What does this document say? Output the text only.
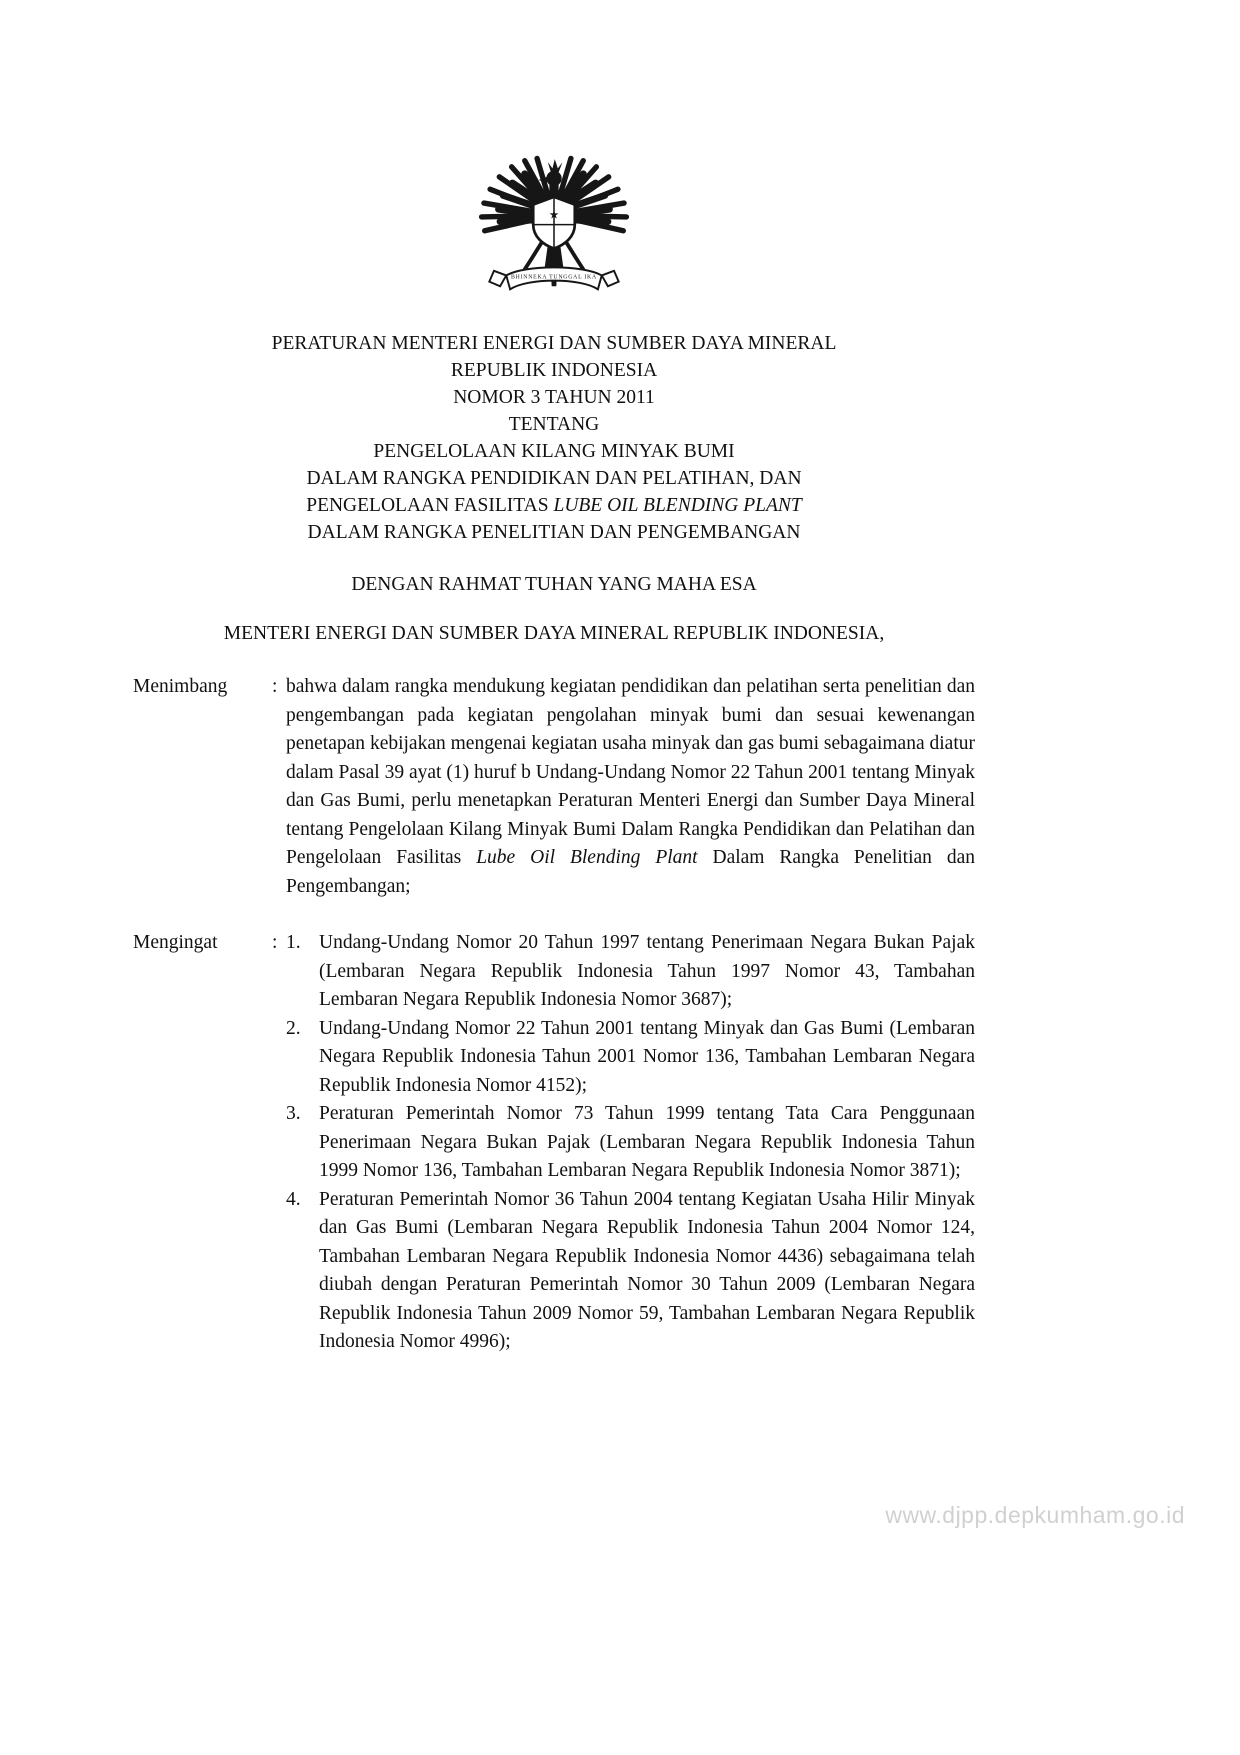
★
BHINNEKA TUNGGAL IKA
PERATURAN MENTERI ENERGI DAN SUMBER DAYA MINERAL
REPUBLIK INDONESIA
NOMOR 3 TAHUN 2011
TENTANG
PENGELOLAAN KILANG MINYAK BUMI
DALAM RANGKA PENDIDIKAN DAN PELATIHAN, DAN
PENGELOLAAN FASILITAS LUBE OIL BLENDING PLANT
DALAM RANGKA PENELITIAN DAN PENGEMBANGAN
DENGAN RAHMAT TUHAN YANG MAHA ESA
MENTERI ENERGI DAN SUMBER DAYA MINERAL REPUBLIK INDONESIA,
Menimbang	: bahwa dalam rangka mendukung kegiatan pendidikan dan pelatihan serta penelitian dan pengembangan pada kegiatan pengolahan minyak bumi dan sesuai kewenangan penetapan kebijakan mengenai kegiatan usaha minyak dan gas bumi sebagaimana diatur dalam Pasal 39 ayat (1) huruf b Undang-Undang Nomor 22 Tahun 2001 tentang Minyak dan Gas Bumi, perlu menetapkan Peraturan Menteri Energi dan Sumber Daya Mineral tentang Pengelolaan Kilang Minyak Bumi Dalam Rangka Pendidikan dan Pelatihan dan Pengelolaan Fasilitas Lube Oil Blending Plant Dalam Rangka Penelitian dan Pengembangan;
Mengingat	: 1. Undang-Undang Nomor 20 Tahun 1997 tentang Penerimaan Negara Bukan Pajak (Lembaran Negara Republik Indonesia Tahun 1997 Nomor 43, Tambahan Lembaran Negara Republik Indonesia Nomor 3687);
2. Undang-Undang Nomor 22 Tahun 2001 tentang Minyak dan Gas Bumi (Lembaran Negara Republik Indonesia Tahun 2001 Nomor 136, Tambahan Lembaran Negara Republik Indonesia Nomor 4152);
3. Peraturan Pemerintah Nomor 73 Tahun 1999 tentang Tata Cara Penggunaan Penerimaan Negara Bukan Pajak (Lembaran Negara Republik Indonesia Tahun 1999 Nomor 136, Tambahan Lembaran Negara Republik Indonesia Nomor 3871);
4. Peraturan Pemerintah Nomor 36 Tahun 2004 tentang Kegiatan Usaha Hilir Minyak dan Gas Bumi (Lembaran Negara Republik Indonesia Tahun 2004 Nomor 124, Tambahan Lembaran Negara Republik Indonesia Nomor 4436) sebagaimana telah diubah dengan Peraturan Pemerintah Nomor 30 Tahun 2009 (Lembaran Negara Republik Indonesia Tahun 2009 Nomor 59, Tambahan Lembaran Negara Republik Indonesia Nomor 4996);
www.djpp.depkumham.go.id
